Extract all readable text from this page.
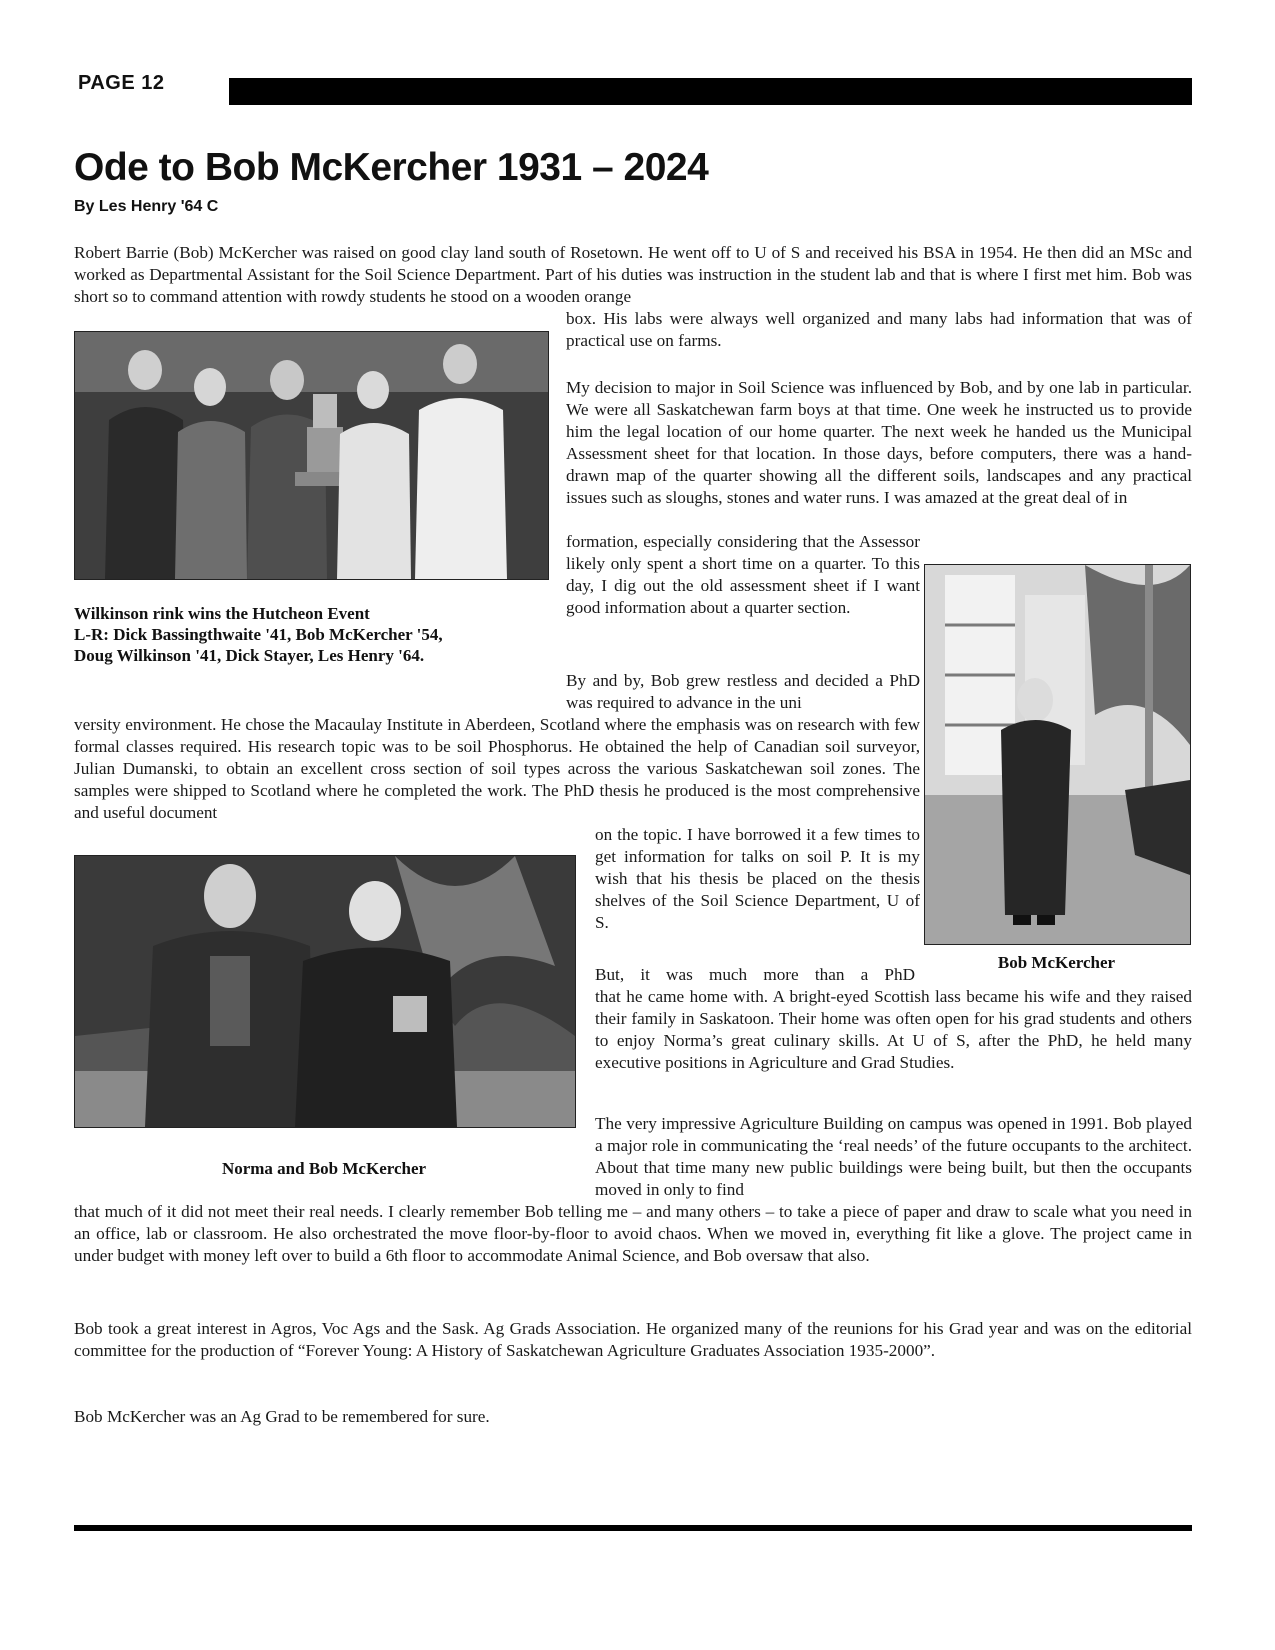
PAGE 12
Ode to Bob McKercher 1931 – 2024
By Les Henry '64 C

Robert Barrie (Bob) McKercher was raised on good clay land south of Rosetown. He went off to U of S and received his BSA in 1954. He then did an MSc and worked as Departmental Assistant for the Soil Science Department. Part of his duties was instruction in the student lab and that is where I first met him. Bob was short so to command attention with rowdy students he stood on a wooden orange

box. His labs were always well organized and many labs had information that was of practical use on farms.

My decision to major in Soil Science was influenced by Bob, and by one lab in particular. We were all Saskatchewan farm boys at that time. One week he instructed us to provide him the legal location of our home quarter. The next week he handed us the Municipal Assessment sheet for that location. In those days, before computers, there was a hand-drawn map of the quarter showing all the different soils, landscapes and any practical issues such as sloughs, stones and water runs. I was amazed at the great deal of in

formation, especially considering that the Assessor likely only spent a short time on a quarter. To this day, I dig out the old assessment sheet if I want good information about a quarter section.

By and by, Bob grew restless and decided a PhD was required to advance in the uni

versity environment. He chose the Macaulay Institute in Aberdeen, Scotland where the emphasis was on research with few formal classes required. His research topic was to be soil Phosphorus. He obtained the help of Canadian soil surveyor, Julian Dumanski, to obtain an excellent cross section of soil types across the various Saskatchewan soil zones. The samples were shipped to Scotland where he completed the work. The PhD thesis he produced is the most comprehensive and useful document

on the topic. I have borrowed it a few times to get information for talks on soil P. It is my wish that his thesis be placed on the thesis shelves of the Soil Science Department, U of S.

But, it was much more than a PhD

that he came home with. A bright-eyed Scottish lass became his wife and they raised their family in Saskatoon. Their home was often open for his grad students and others to enjoy Norma’s great culinary skills. At U of S, after the PhD, he held many executive positions in Agriculture and Grad Studies.

The very impressive Agriculture Building on campus was opened in 1991. Bob played a major role in communicating the ‘real needs’ of the future occupants to the architect. About that time many new public buildings were being built, but then the occupants moved in only to find

that much of it did not meet their real needs. I clearly remember Bob telling me – and many others – to take a piece of paper and draw to scale what you need in an office, lab or classroom. He also orchestrated the move floor-by-floor to avoid chaos. When we moved in, everything fit like a glove. The project came in under budget with money left over to build a 6th floor to accommodate Animal Science, and Bob oversaw that also.

Bob took a great interest in Agros, Voc Ags and the Sask. Ag Grads Association. He organized many of the reunions for his Grad year and was on the editorial committee for the production of “Forever Young: A History of Saskatchewan Agriculture Graduates Association 1935-2000”.

Bob McKercher was an Ag Grad to be remembered for sure.

Wilkinson rink wins the Hutcheon Event
L-R: Dick Bassingthwaite '41, Bob McKercher '54,
Doug Wilkinson '41, Dick Stayer, Les Henry '64.
Bob McKercher
Norma and Bob McKercher
